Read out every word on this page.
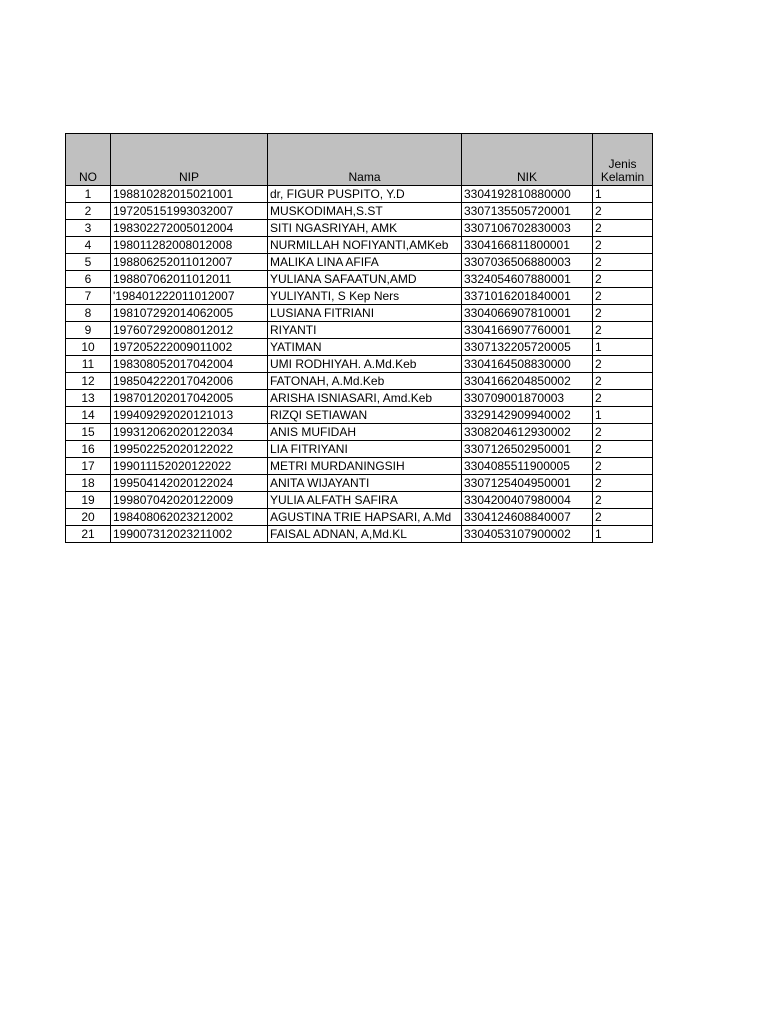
NO	NIP	Nama	NIK	Jenis
Kelamin
1	198810282015021001	dr, FIGUR PUSPITO, Y.D	3304192810880000	1
2	197205151993032007	MUSKODIMAH,S.ST	3307135505720001	2
3	198302272005012004	SITI NGASRIYAH, AMK	3307106702830003	2
4	198011282008012008	NURMILLAH NOFIYANTI,AMKeb	3304166811800001	2
5	198806252011012007	MALIKA LINA AFIFA	3307036506880003	2
6	198807062011012011	YULIANA SAFAATUN,AMD	3324054607880001	2
7	'198401222011012007	YULIYANTI, S Kep Ners	3371016201840001	2
8	198107292014062005	LUSIANA FITRIANI	3304066907810001	2
9	197607292008012012	RIYANTI	3304166907760001	2
10	197205222009011002	YATIMAN	3307132205720005	1
11	198308052017042004	UMI RODHIYAH. A.Md.Keb	3304164508830000	2
12	198504222017042006	FATONAH, A.Md.Keb	3304166204850002	2
13	198701202017042005	ARISHA ISNIASARI, Amd.Keb	330709001870003	2
14	199409292020121013	RIZQI SETIAWAN	3329142909940002	1
15	199312062020122034	ANIS MUFIDAH	3308204612930002	2
16	199502252020122022	LIA FITRIYANI	3307126502950001	2
17	199011152020122022	METRI MURDANINGSIH	3304085511900005	2
18	199504142020122024	ANITA WIJAYANTI	3307125404950001	2
19	199807042020122009	YULIA ALFATH SAFIRA	3304200407980004	2
20	198408062023212002	AGUSTINA TRIE HAPSARI, A.Md	3304124608840007	2
21	199007312023211002	FAISAL ADNAN, A,Md.KL	3304053107900002	1
